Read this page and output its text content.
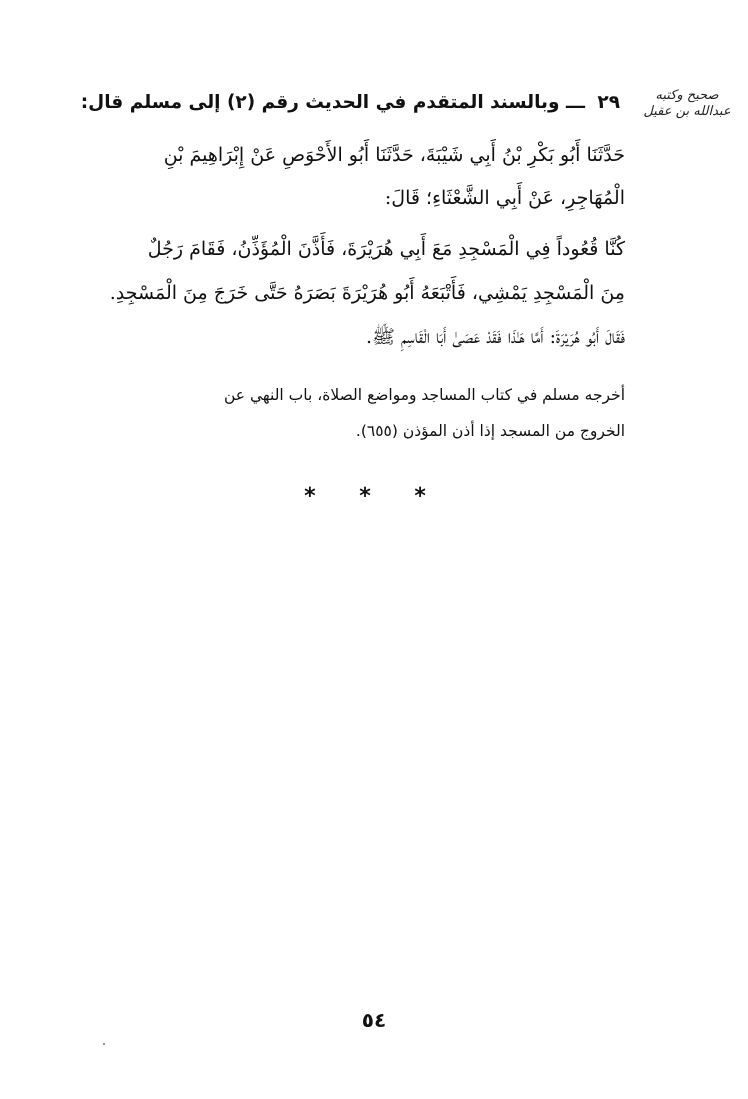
صحيح وكتبه
عبدالله بن عقيل
٢٩ ـــ وبالسند المتقدم في الحديث رقم (٢) إلى مسلم قال:
حَدَّثَنَا أَبُو بَكْرِ بْنُ أَبِي شَيْبَةَ، حَدَّثَنَا أَبُو الأَحْوَصِ عَنْ إِبْرَاهِيمَ بْنِ
الْمُهَاجِرِ، عَنْ أَبِي الشَّعْثَاءِ؛ قَالَ:
كُنَّا قُعُوداً فِي الْمَسْجِدِ مَعَ أَبِي هُرَيْرَةَ، فَأَذَّنَ الْمُؤَذِّنُ، فَقَامَ رَجُلٌ
مِنَ الْمَسْجِدِ يَمْشِي، فَأَتْبَعَهُ أَبُو هُرَيْرَةَ بَصَرَهُ حَتَّى خَرَجَ مِنَ الْمَسْجِدِ.
فَقَالَ أَبُو هُرَيْرَةَ: أَمَّا هَـٰذَا فَقَدْ عَصَىٰ أَبَا الْقَاسِمِ ﷺ.
أخرجه مسلم في كتاب المساجد ومواضع الصلاة، باب النهي عن
الخروج من المسجد إذا أذن المؤذن (٦٥٥).
* * *
٥٤
